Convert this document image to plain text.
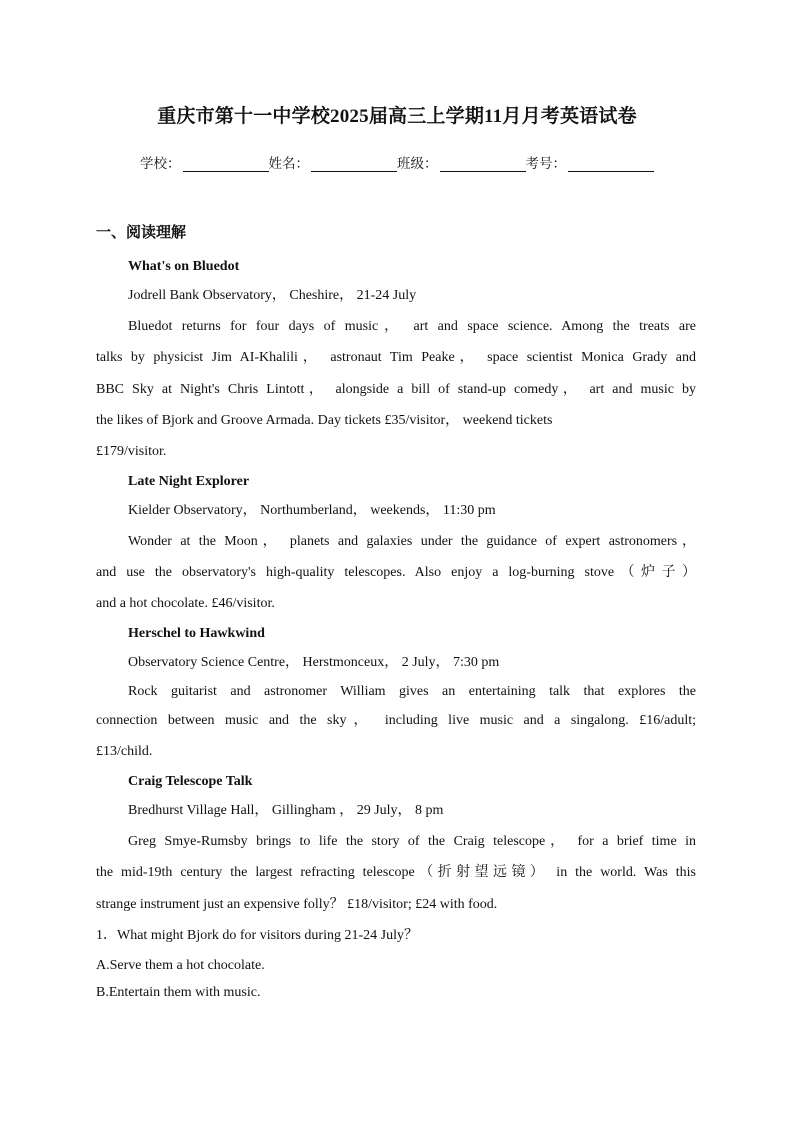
重庆市第十一中学校2025届高三上学期11月月考英语试卷
学校：	姓名：	班级：	考号：
一、阅读理解
What's on Bluedot
Jodrell Bank Observatory， Cheshire， 21-24 July
Bluedot returns for four days of music， art and space science. Among the treats are
talks by physicist Jim AI-Khalili， astronaut Tim Peake， space scientist Monica Grady and
BBC Sky at Night's Chris Lintott， alongside a bill of stand-up comedy， art and music by
the likes of Bjork and Groove Armada. Day tickets £35/visitor， weekend tickets
£179/visitor.
Late Night Explorer
Kielder Observatory， Northumberland， weekends， 11:30 pm
Wonder at the Moon， planets and galaxies under the guidance of expert astronomers，
and use the observatory's high-quality telescopes. Also enjoy a log-burning stove（炉子）
and a hot chocolate. £46/visitor.
Herschel to Hawkwind
Observatory Science Centre， Herstmonceux， 2 July， 7:30 pm
Rock guitarist and astronomer William gives an entertaining talk that explores the
connection between music and the sky， including live music and a singalong. £16/adult;
£13/child.
Craig Telescope Talk
Bredhurst Village Hall， Gillingham ， 29 July， 8 pm
Greg Smye-Rumsby brings to life the story of the Craig telescope， for a brief time in
the mid-19th century the largest refracting telescope（折射望远镜） in the world. Was this
strange instrument just an expensive folly？ £18/visitor; £24 with food.
1．What might Bjork do for visitors during 21-24 July？
A.Serve them a hot chocolate.
B.Entertain them with music.
